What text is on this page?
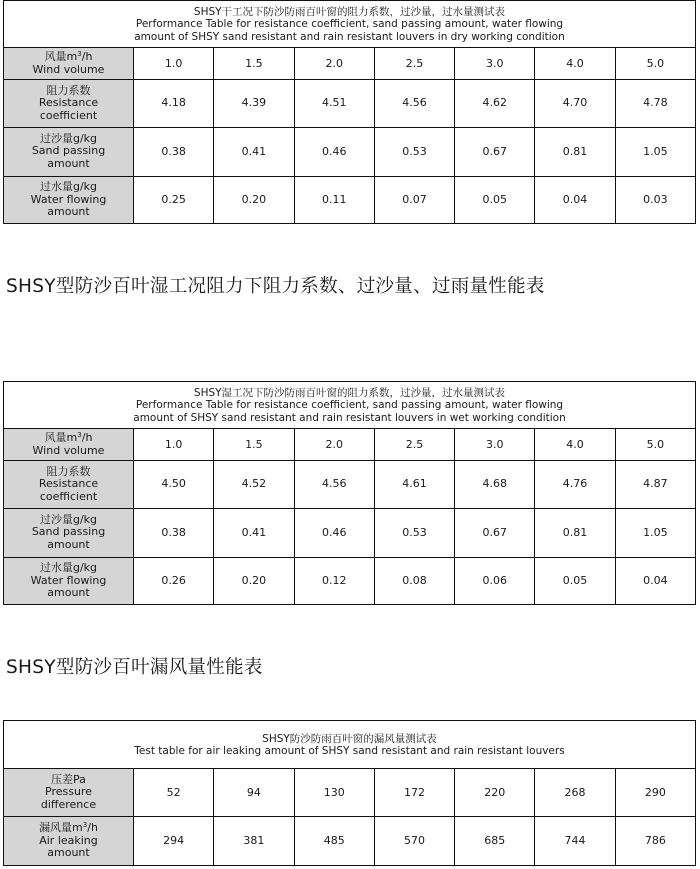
SHSY干工况下防沙防雨百叶窗的阻力系数，过沙量，过水量测试表
Performance Table for resistance coefficient, sand passing amount, water flowing
amount of SHSY sand resistant and rain resistant louvers in dry working condition							

风量$m^3/h$
Wind volume	1.0	1.5	2.0	2.5	3.0	4.0	5.0

阻力系数
Resistance
coefficient	4.18	4.39	4.51	4.56	4.62	4.70	4.78

过沙量g/kg
Sand passing
amount	0.38	0.41	0.46	0.53	0.67	0.81	1.05

过水量g/kg
Water flowing
amount	0.25	0.20	0.11	0.07	0.05	0.04	0.03
SHSY型防沙百叶湿工况阻力下阻力系数、过沙量、过雨量性能表
SHSY湿工况下防沙防雨百叶窗的阻力系数，过沙量，过水量测试表
Performance Table for resistance coefficient, sand passing amount, water flowing
amount of SHSY sand resistant and rain resistant louvers in wet working condition							

风量$m^3/h$
Wind volume	1.0	1.5	2.0	2.5	3.0	4.0	5.0

阻力系数
Resistance
coefficient	4.50	4.52	4.56	4.61	4.68	4.76	4.87

过沙量g/kg
Sand passing
amount	0.38	0.41	0.46	0.53	0.67	0.81	1.05

过水量g/kg
Water flowing
amount	0.26	0.20	0.12	0.08	0.06	0.05	0.04
SHSY型防沙百叶漏风量性能表
SHSY防沙防雨百叶窗的漏风量测试表
Test table for air leaking amount of SHSY sand resistant and rain resistant louvers							

压差Pa
Pressure
difference	52	94	130	172	220	268	290

漏风量$m^3/h$
Air leaking
amount	294	381	485	570	685	744	786
